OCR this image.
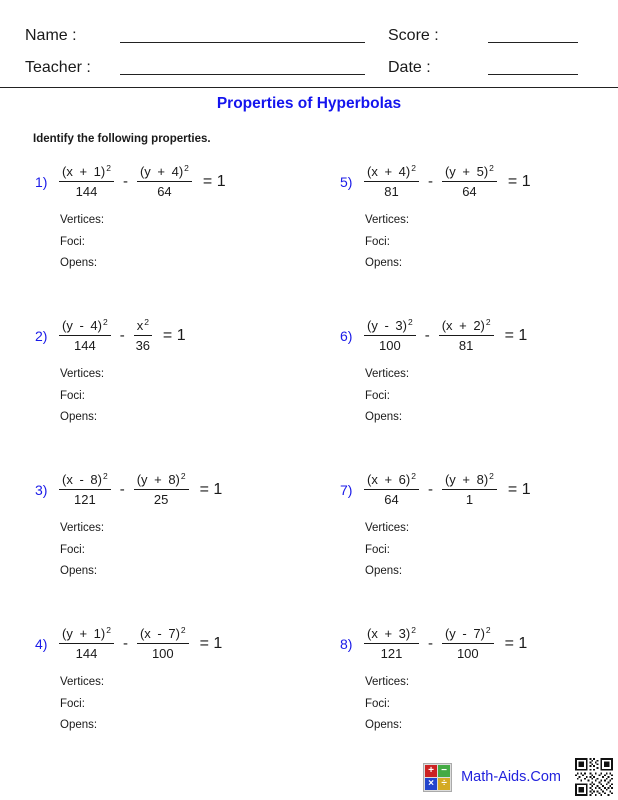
Name :
Teacher :
Score :
Date :
Properties of Hyperbolas
Identify the following properties.
$1) \frac{(x + 1)^2}{144} - \frac{(y + 4)^2}{64} = 1$
Vertices:
Foci:
Opens:
$2) \frac{(y - 4)^2}{144} - \frac{x^2}{36} = 1$
Vertices:
Foci:
Opens:
$3) \frac{(x - 8)^2}{121} - \frac{(y + 8)^2}{25} = 1$
Vertices:
Foci:
Opens:
$4) \frac{(y + 1)^2}{144} - \frac{(x - 7)^2}{100} = 1$
Vertices:
Foci:
Opens:
$5) \frac{(x + 4)^2}{81} - \frac{(y + 5)^2}{64} = 1$
Vertices:
Foci:
Opens:
$6) \frac{(y - 3)^2}{100} - \frac{(x + 2)^2}{81} = 1$
Vertices:
Foci:
Opens:
$7) \frac{(x + 6)^2}{64} - \frac{(y + 8)^2}{1} = 1$
Vertices:
Foci:
Opens:
$8) \frac{(x + 3)^2}{121} - \frac{(y - 7)^2}{100} = 1$
Vertices:
Foci:
Opens:
+ −
× ÷ Math-Aids.Com
